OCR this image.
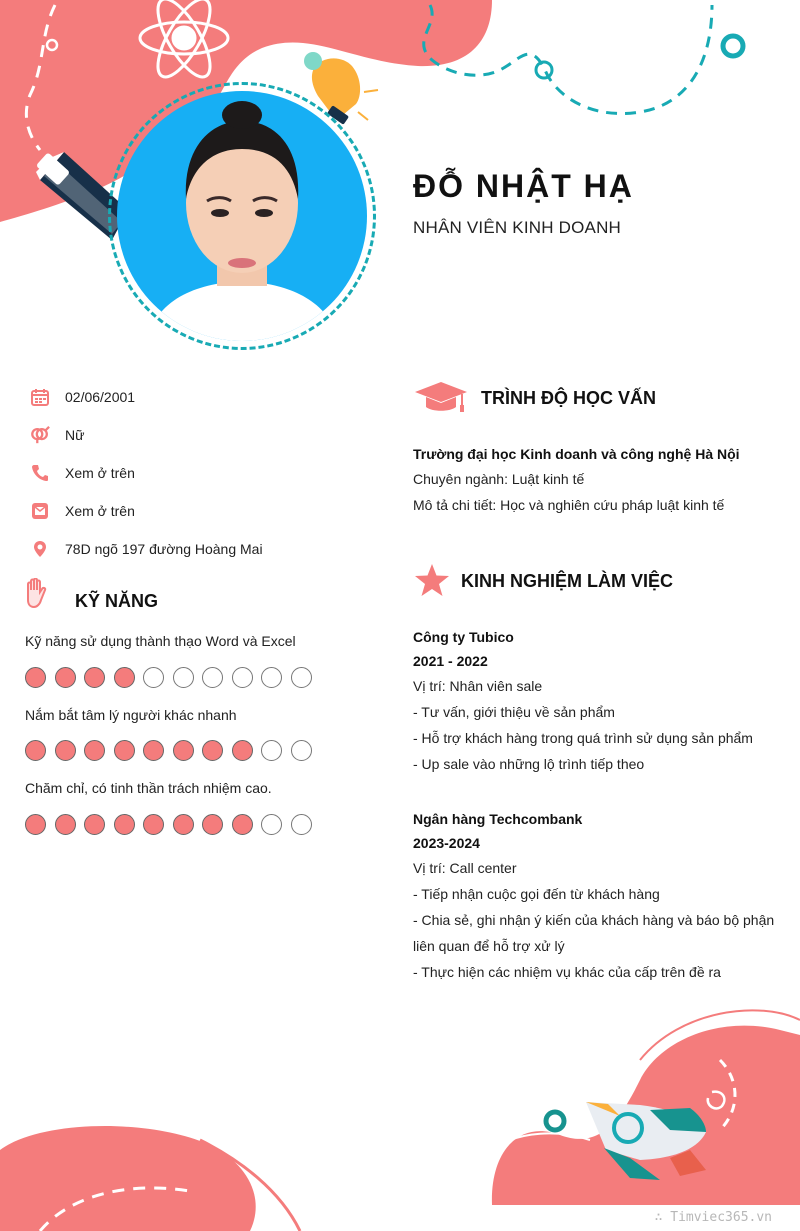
ĐỖ NHẬT HẠ
NHÂN VIÊN KINH DOANH
02/06/2001
Nữ
Xem ở trên
Xem ở trên
78D ngõ 197 đường Hoàng Mai
KỸ NĂNG
Kỹ năng sử dụng thành thạo Word và Excel
Nắm bắt tâm lý người khác nhanh
Chăm chỉ, có tinh thần trách nhiệm cao.
TRÌNH ĐỘ HỌC VẤN
Trường đại học Kinh doanh và công nghệ Hà Nội
Chuyên ngành: Luật kinh tế
Mô tả chi tiết: Học và nghiên cứu pháp luật kinh tế
KINH NGHIỆM LÀM VIỆC
Công ty Tubico
2021 - 2022
Vị trí: Nhân viên sale
- Tư vấn, giới thiệu về sản phẩm
- Hỗ trợ khách hàng trong quá trình sử dụng sản phẩm
- Up sale vào những lộ trình tiếp theo
Ngân hàng Techcombank
2023-2024
Vị trí: Call center
- Tiếp nhận cuộc gọi đến từ khách hàng
- Chia sẻ, ghi nhận ý kiến của khách hàng và báo bộ phận
liên quan để hỗ trợ xử lý
- Thực hiện các nhiệm vụ khác của cấp trên đề ra
∴ Timviec365.vn
